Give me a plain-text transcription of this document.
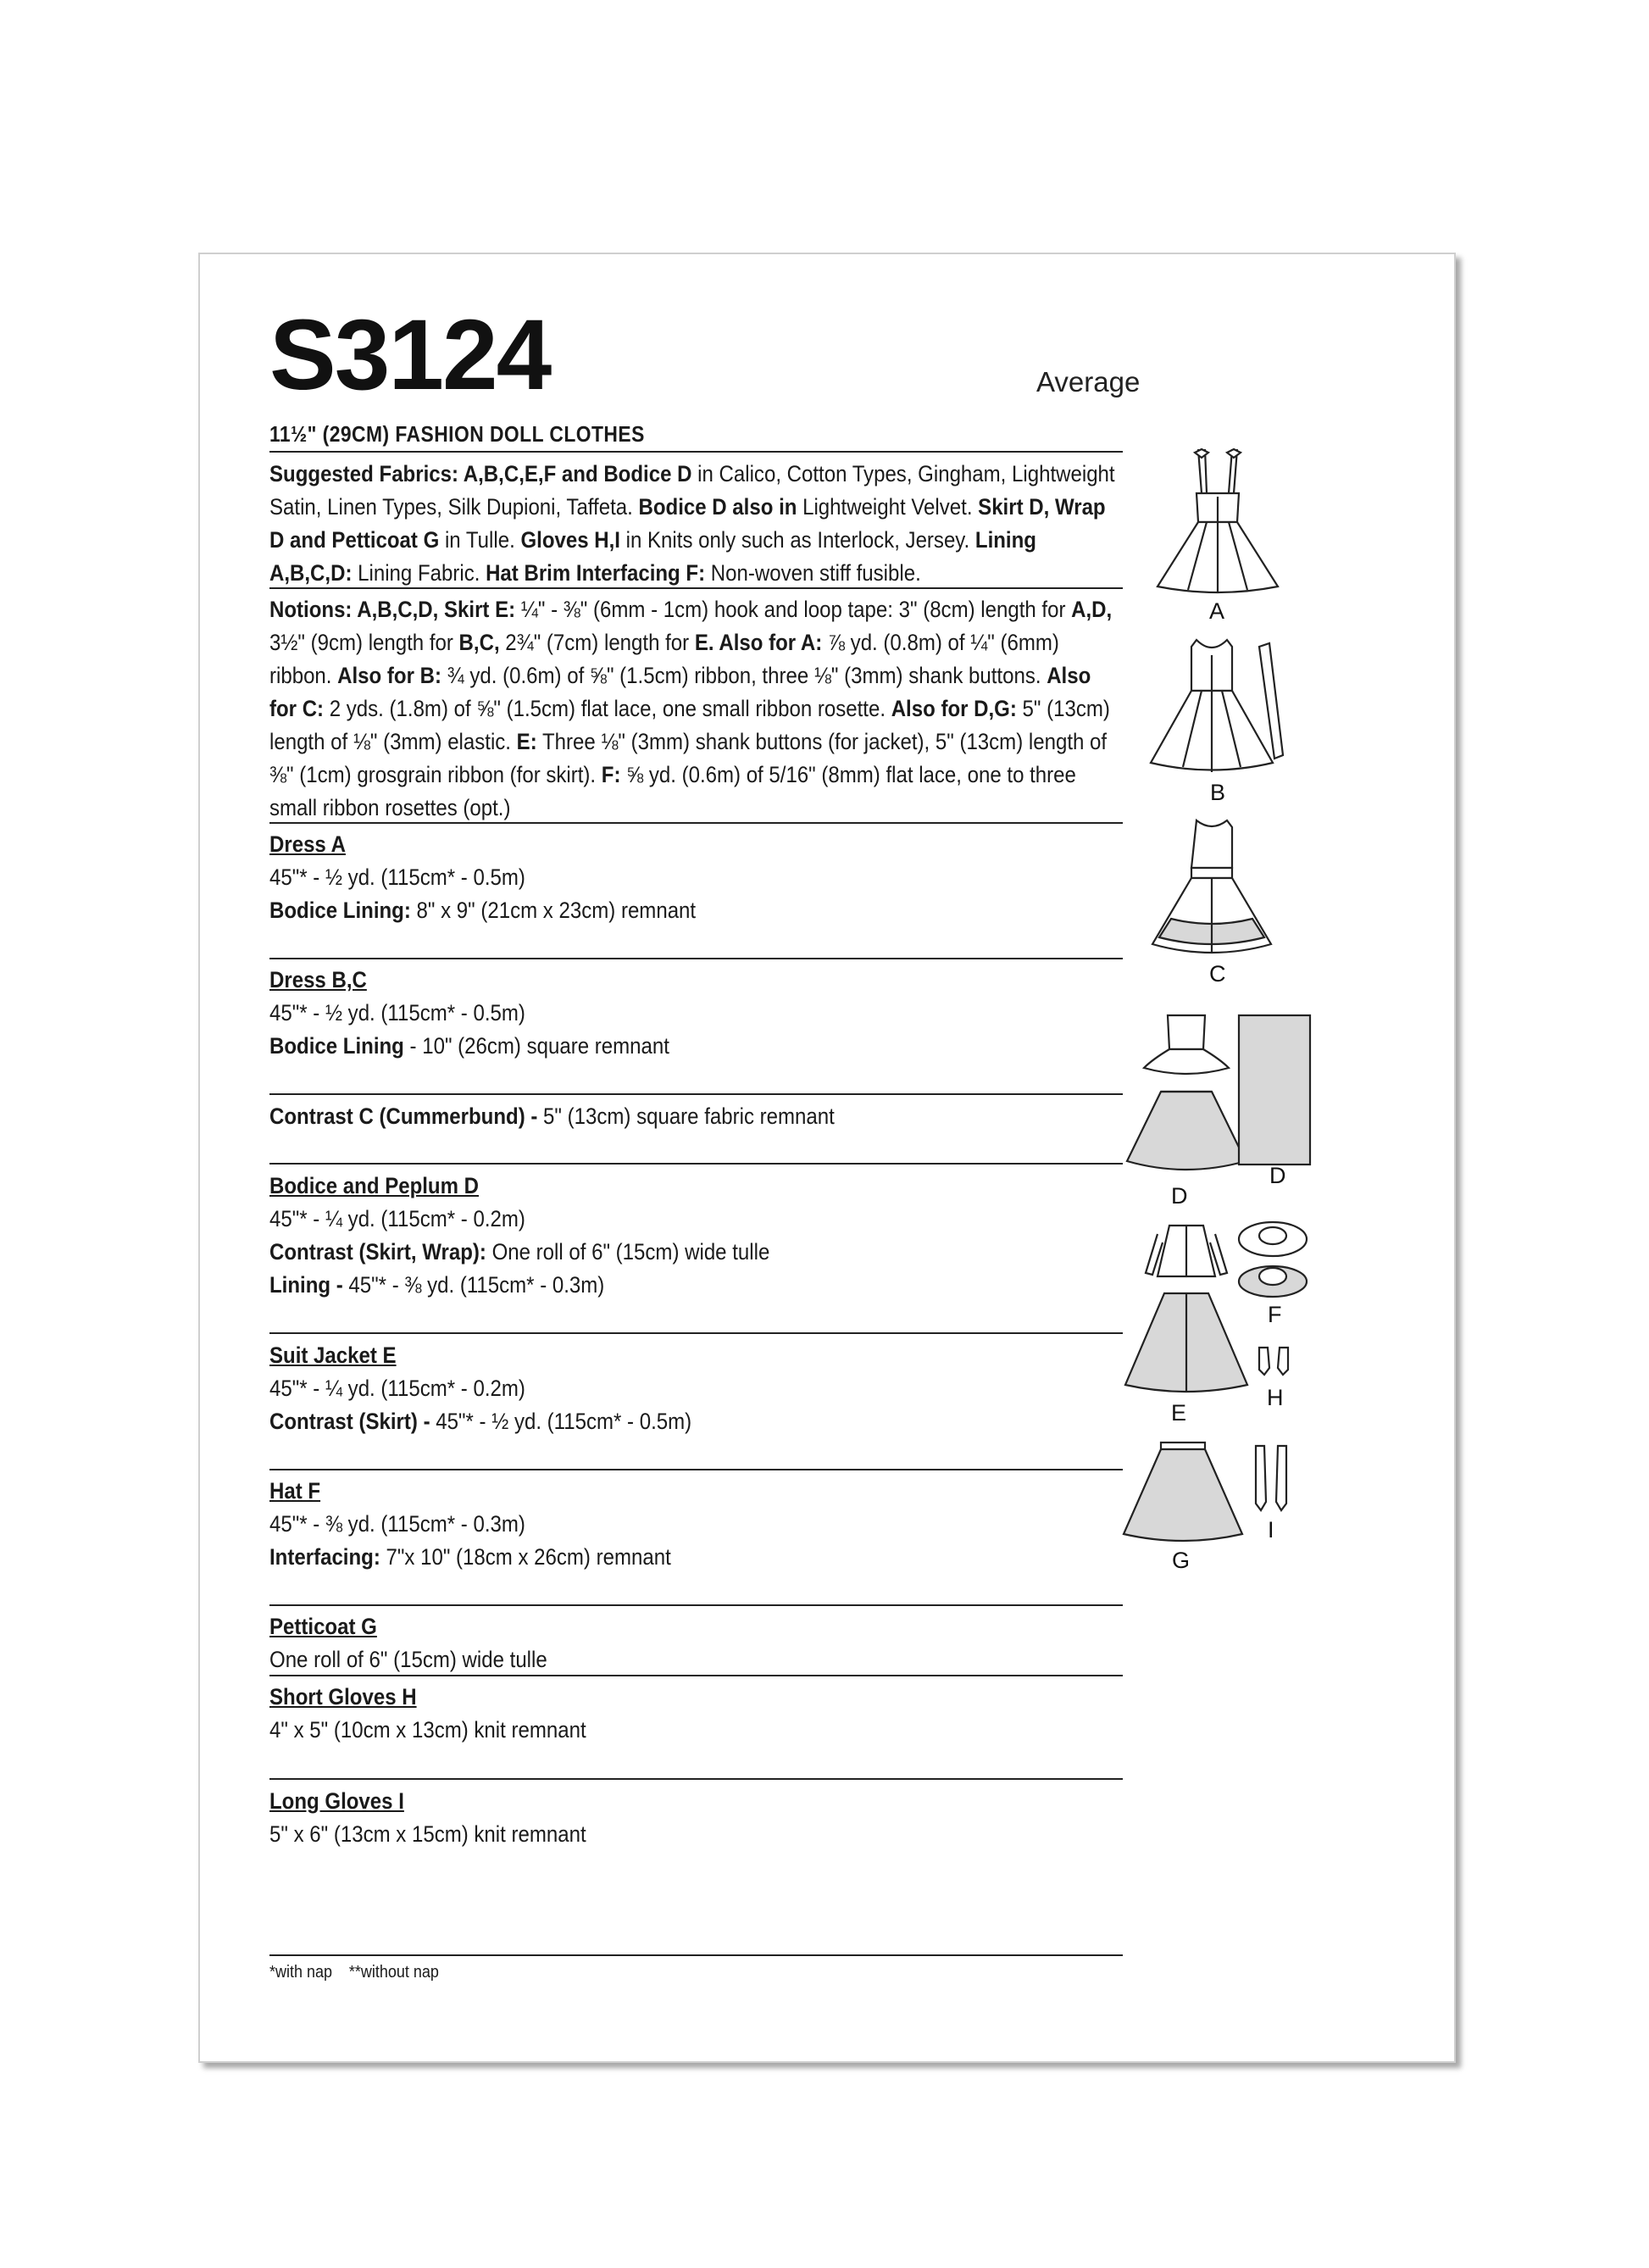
S3124	Average
11½" (29CM) FASHION DOLL CLOTHES
Suggested Fabrics: A,B,C,E,F and Bodice D in Calico, Cotton Types, Gingham, Lightweight Satin, Linen Types, Silk Dupioni, Taffeta. Bodice D also in Lightweight Velvet. Skirt D, Wrap D and Petticoat G in Tulle. Gloves H,I in Knits only such as Interlock, Jersey. Lining A,B,C,D: Lining Fabric. Hat Brim Interfacing F: Non-woven stiff fusible.
Notions: A,B,C,D, Skirt E: ¼" - ⅜" (6mm - 1cm) hook and loop tape: 3" (8cm) length for A,D, 3½" (9cm) length for B,C, 2¾" (7cm) length for E. Also for A: ⅞ yd. (0.8m) of ¼" (6mm) ribbon. Also for B: ¾ yd. (0.6m) of ⅝" (1.5cm) ribbon, three ⅛" (3mm) shank buttons. Also for C: 2 yds. (1.8m) of ⅝" (1.5cm) flat lace, one small ribbon rosette. Also for D,G: 5" (13cm) length of ⅛" (3mm) elastic. E: Three ⅛" (3mm) shank buttons (for jacket), 5" (13cm) length of ⅜" (1cm) grosgrain ribbon (for skirt). F: ⅝ yd. (0.6m) of 5/16" (8mm) flat lace, one to three small ribbon rosettes (opt.)
Dress A
45"* - ½ yd. (115cm* - 0.5m)
Bodice Lining: 8" x 9" (21cm x 23cm) remnant
Dress B,C
45"* - ½ yd. (115cm* - 0.5m)
Bodice Lining - 10" (26cm) square remnant
Contrast C (Cummerbund) - 5" (13cm) square fabric remnant
Bodice and Peplum D
45"* - ¼ yd. (115cm* - 0.2m)
Contrast (Skirt, Wrap): One roll of 6" (15cm) wide tulle
Lining - 45"* - ⅜ yd. (115cm* - 0.3m)
Suit Jacket E
45"* - ¼ yd. (115cm* - 0.2m)
Contrast (Skirt) - 45"* - ½ yd. (115cm* - 0.5m)
Hat F
45"* - ⅜ yd. (115cm* - 0.3m)
Interfacing: 7"x 10" (18cm x 26cm) remnant
Petticoat G
One roll of 6" (15cm) wide tulle
Short Gloves H
4" x 5" (10cm x 13cm) knit remnant
Long Gloves I
5" x 6" (13cm x 15cm) knit remnant
*with nap **without nap
A
B
C
D
D
E
F
H
G
I
